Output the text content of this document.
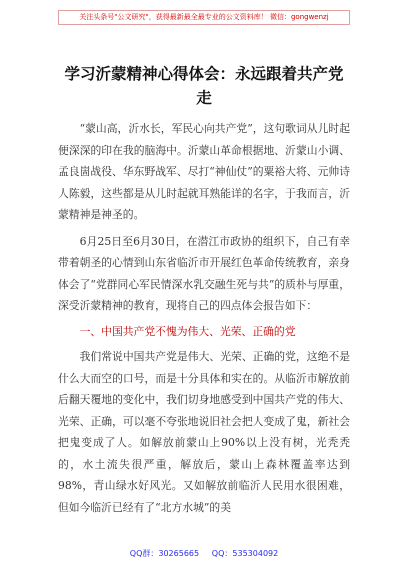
关注头条号"公文研究"，获得最新最全最专业的公文资料库！ 微信：gongwenzj
学习沂蒙精神心得体会：永远跟着共产党走

“蒙山高，沂水长，军民心向共产党”，这句歌词从儿时起便深深的印在我的脑海中。沂蒙山革命根据地、沂蒙山小调、孟良崮战役、华东野战军、尽打“神仙仗”的粟裕大将、元帅诗人陈毅，这些都是从儿时起就耳熟能详的名字，于我而言，沂蒙精神是神圣的。

6月25日至6月30日，在潜江市政协的组织下，自己有幸带着朝圣的心情到山东省临沂市开展红色革命传统教育，亲身体会了“党群同心军民情深水乳交融生死与共”的质朴与厚重，深受沂蒙精神的教育，现将自己的四点体会报告如下：

一、中国共产党不愧为伟大、光荣、正确的党

我们常说中国共产党是伟大、光荣、正确的党，这绝不是什么大而空的口号，而是十分具体和实在的。从临沂市解放前后翻天覆地的变化中，我们切身地感受到中国共产党的伟大、光荣、正确，可以毫不夸张地说旧社会把人变成了鬼，新社会把鬼变成了人。如解放前蒙山上90%以上没有树，光秃秃的，水土流失很严重，解放后，蒙山上森林覆盖率达到98%，青山绿水好风光。又如解放前临沂人民用水很困难，但如今临沂已经有了“北方水城”的美

QQ群：30265665     QQ：535304092
